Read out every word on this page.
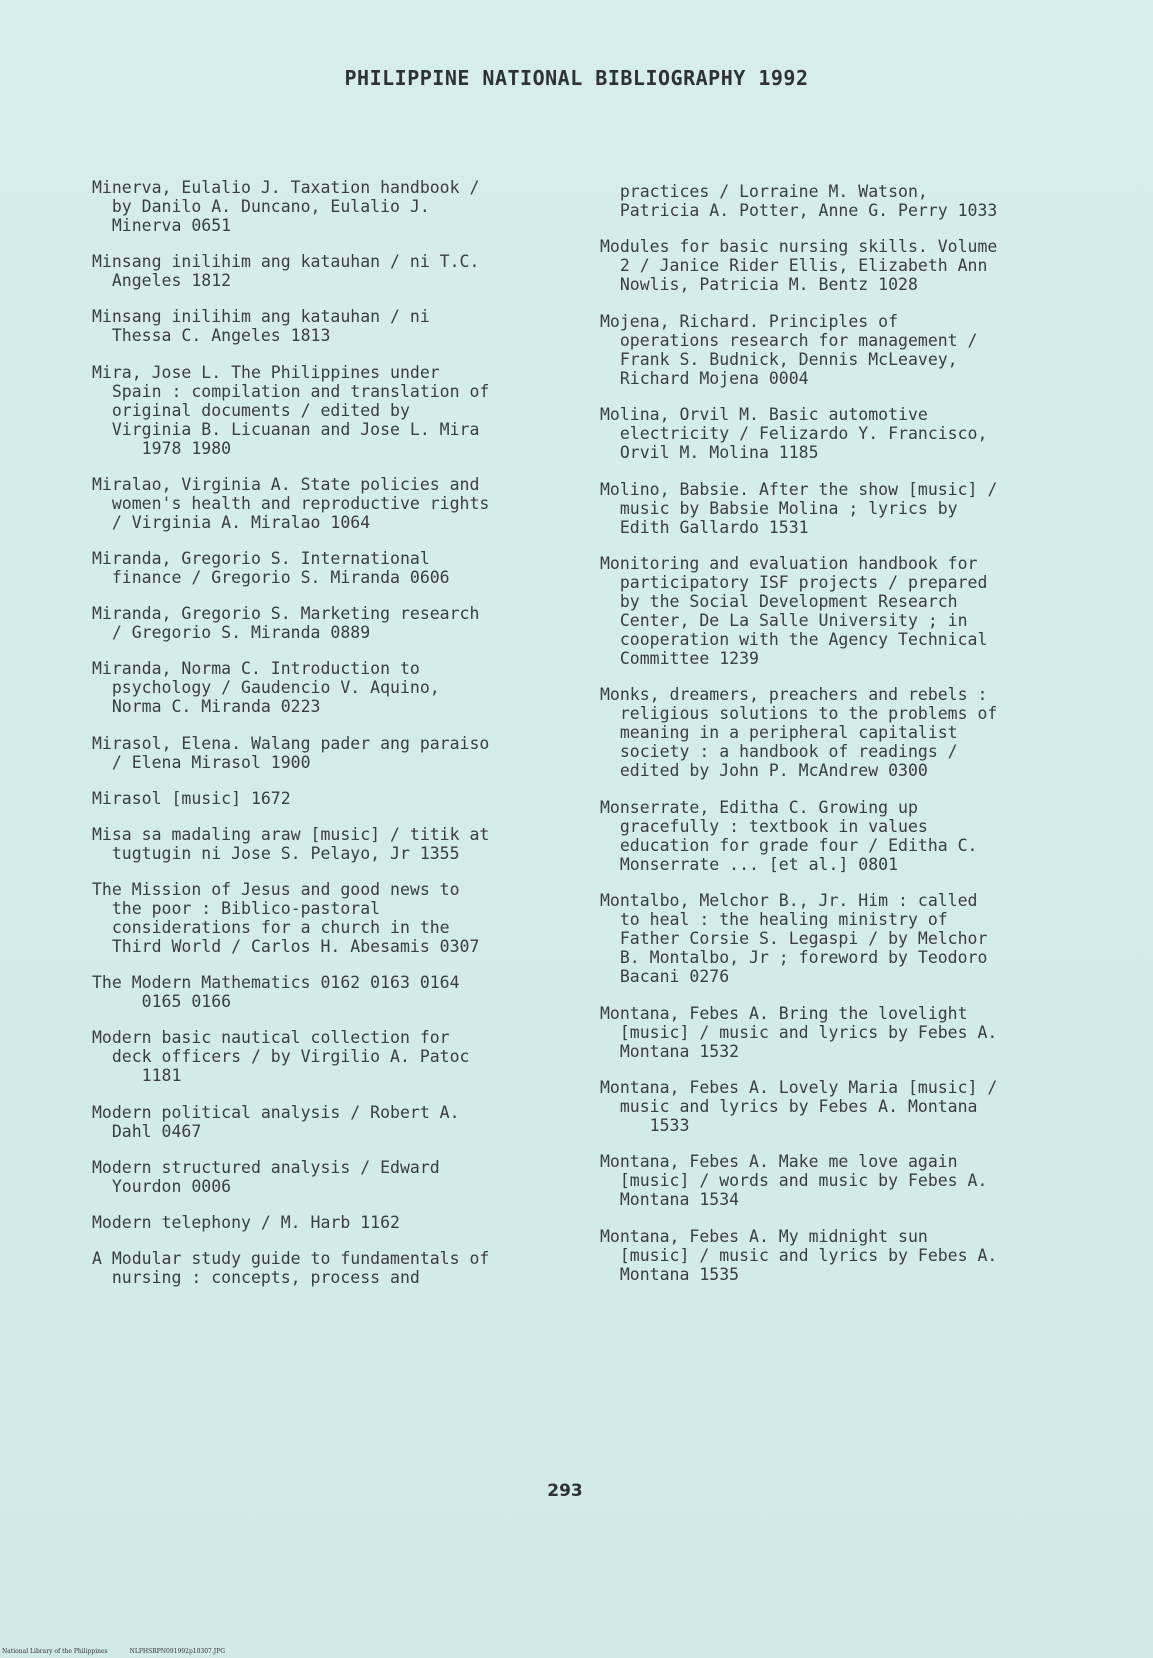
PHILIPPINE NATIONAL BIBLIOGRAPHY 1992

Minerva, Eulalio J. Taxation handbook /
by Danilo A. Duncano, Eulalio J.
Minerva 0651

Minsang inilihim ang katauhan / ni T.C.
Angeles 1812

Minsang inilihim ang katauhan / ni
Thessa C. Angeles 1813

Mira, Jose L. The Philippines under
Spain : compilation and translation of
original documents / edited by
Virginia B. Licuanan and Jose L. Mira
1978 1980

Miralao, Virginia A. State policies and
women's health and reproductive rights
/ Virginia A. Miralao 1064

Miranda, Gregorio S. International
finance / Gregorio S. Miranda 0606

Miranda, Gregorio S. Marketing research
/ Gregorio S. Miranda 0889

Miranda, Norma C. Introduction to
psychology / Gaudencio V. Aquino,
Norma C. Miranda 0223

Mirasol, Elena. Walang pader ang paraiso
/ Elena Mirasol 1900

Mirasol [music] 1672

Misa sa madaling araw [music] / titik at
tugtugin ni Jose S. Pelayo, Jr 1355

The Mission of Jesus and good news to
the poor : Biblico-pastoral
considerations for a church in the
Third World / Carlos H. Abesamis 0307

The Modern Mathematics 0162 0163 0164
0165 0166

Modern basic nautical collection for
deck officers / by Virgilio A. Patoc
1181

Modern political analysis / Robert A.
Dahl 0467

Modern structured analysis / Edward
Yourdon 0006

Modern telephony / M. Harb 1162

A Modular study guide to fundamentals of
nursing : concepts, process and

practices / Lorraine M. Watson,
Patricia A. Potter, Anne G. Perry 1033

Modules for basic nursing skills. Volume
2 / Janice Rider Ellis, Elizabeth Ann
Nowlis, Patricia M. Bentz 1028

Mojena, Richard. Principles of
operations research for management /
Frank S. Budnick, Dennis McLeavey,
Richard Mojena 0004

Molina, Orvil M. Basic automotive
electricity / Felizardo Y. Francisco,
Orvil M. Molina 1185

Molino, Babsie. After the show [music] /
music by Babsie Molina ; lyrics by
Edith Gallardo 1531

Monitoring and evaluation handbook for
participatory ISF projects / prepared
by the Social Development Research
Center, De La Salle University ; in
cooperation with the Agency Technical
Committee 1239

Monks, dreamers, preachers and rebels :
religious solutions to the problems of
meaning in a peripheral capitalist
society : a handbook of readings /
edited by John P. McAndrew 0300

Monserrate, Editha C. Growing up
gracefully : textbook in values
education for grade four / Editha C.
Monserrate ... [et al.] 0801

Montalbo, Melchor B., Jr. Him : called
to heal : the healing ministry of
Father Corsie S. Legaspi / by Melchor
B. Montalbo, Jr ; foreword by Teodoro
Bacani 0276

Montana, Febes A. Bring the lovelight
[music] / music and lyrics by Febes A.
Montana 1532

Montana, Febes A. Lovely Maria [music] /
music and lyrics by Febes A. Montana
1533

Montana, Febes A. Make me love again
[music] / words and music by Febes A.
Montana 1534

Montana, Febes A. My midnight sun
[music] / music and lyrics by Febes A.
Montana 1535

293
National Library of the Philippines	NLPHSRPN091992p10307.JPG
